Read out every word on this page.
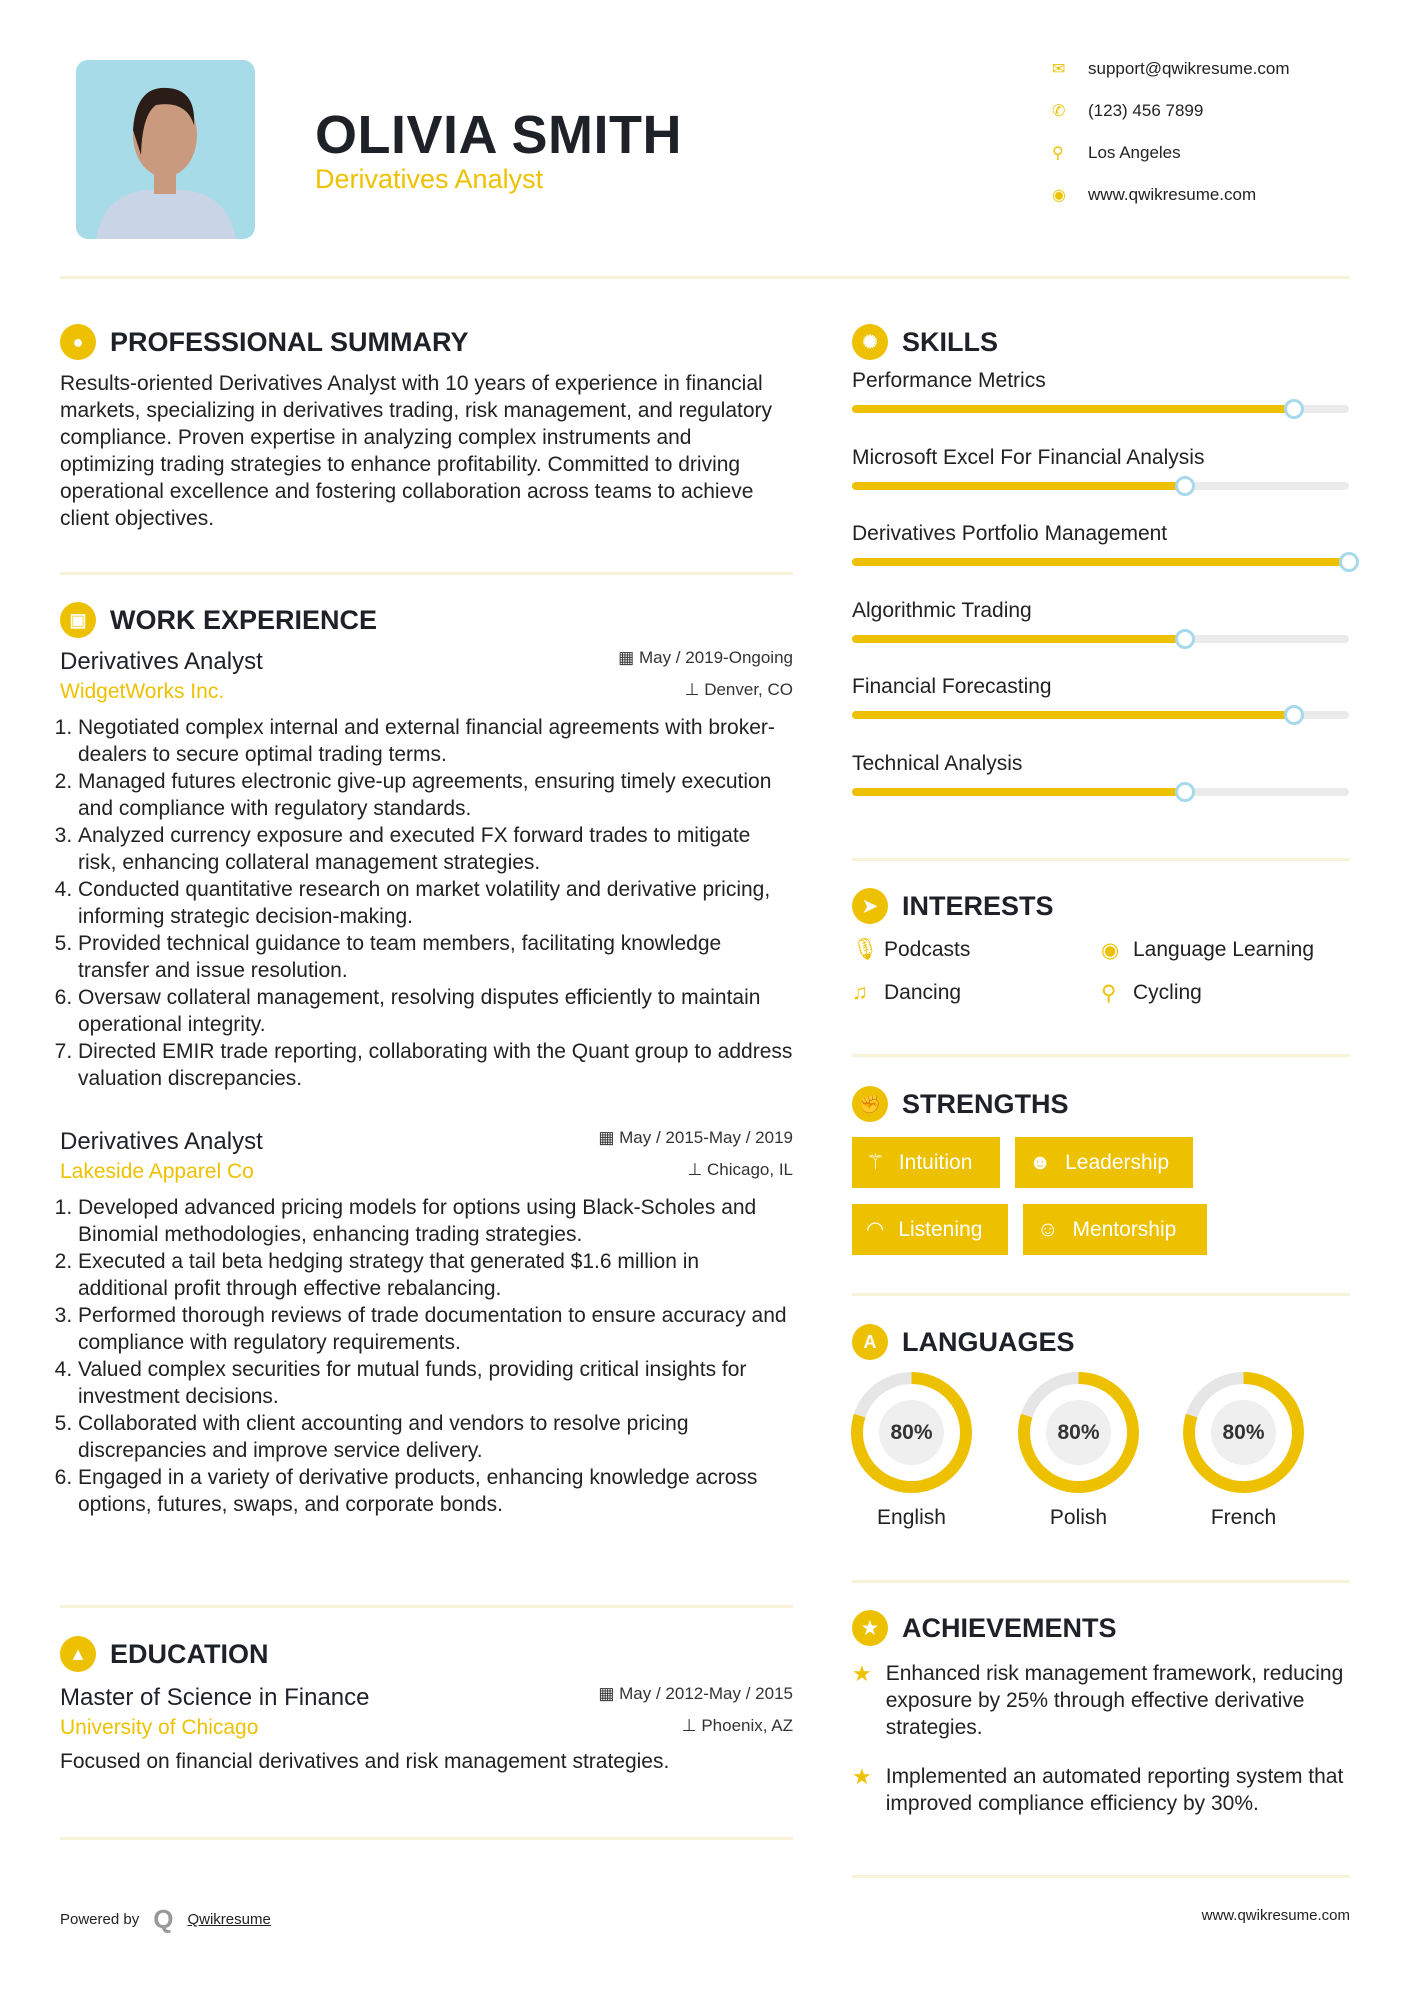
OLIVIA SMITH
Derivatives Analyst
✉	support@qwikresume.com
✆	(123) 456 7899
⚲	Los Angeles
◉	www.qwikresume.com
● PROFESSIONAL SUMMARY
Results-oriented Derivatives Analyst with 10 years of experience in financial markets, specializing in derivatives trading, risk management, and regulatory compliance. Proven expertise in analyzing complex instruments and optimizing trading strategies to enhance profitability. Committed to driving operational excellence and fostering collaboration across teams to achieve client objectives.
▣ WORK EXPERIENCE
Derivatives Analyst	▦ May / 2019-Ongoing
WidgetWorks Inc.	⊥ Denver, CO
1. Negotiated complex internal and external financial agreements with broker-dealers to secure optimal trading terms.
2. Managed futures electronic give-up agreements, ensuring timely execution and compliance with regulatory standards.
3. Analyzed currency exposure and executed FX forward trades to mitigate risk, enhancing collateral management strategies.
4. Conducted quantitative research on market volatility and derivative pricing, informing strategic decision-making.
5. Provided technical guidance to team members, facilitating knowledge transfer and issue resolution.
6. Oversaw collateral management, resolving disputes efficiently to maintain operational integrity.
7. Directed EMIR trade reporting, collaborating with the Quant group to address valuation discrepancies.
Derivatives Analyst	▦ May / 2015-May / 2019
Lakeside Apparel Co	⊥ Chicago, IL
1. Developed advanced pricing models for options using Black-Scholes and Binomial methodologies, enhancing trading strategies.
2. Executed a tail beta hedging strategy that generated $1.6 million in additional profit through effective rebalancing.
3. Performed thorough reviews of trade documentation to ensure accuracy and compliance with regulatory requirements.
4. Valued complex securities for mutual funds, providing critical insights for investment decisions.
5. Collaborated with client accounting and vendors to resolve pricing discrepancies and improve service delivery.
6. Engaged in a variety of derivative products, enhancing knowledge across options, futures, swaps, and corporate bonds.
▲ EDUCATION
Master of Science in Finance	▦ May / 2012-May / 2015
University of Chicago	⊥ Phoenix, AZ
Focused on financial derivatives and risk management strategies.
✺ SKILLS
Performance Metrics
Microsoft Excel For Financial Analysis
Derivatives Portfolio Management
Algorithmic Trading
Financial Forecasting
Technical Analysis
➤ INTERESTS
🎙 Podcasts	◉ Language Learning
♫ Dancing	⚲ Cycling
✊ STRENGTHS
⚚ Intuition	☻ Leadership
◠ Listening	☺ Mentorship
A LANGUAGES
80%
English
80%
Polish
80%
French
★ ACHIEVEMENTS
★ Enhanced risk management framework, reducing exposure by 25% through effective derivative strategies.
★ Implemented an automated reporting system that improved compliance efficiency by 30%.
Powered by Q Qwikresume	www.qwikresume.com
